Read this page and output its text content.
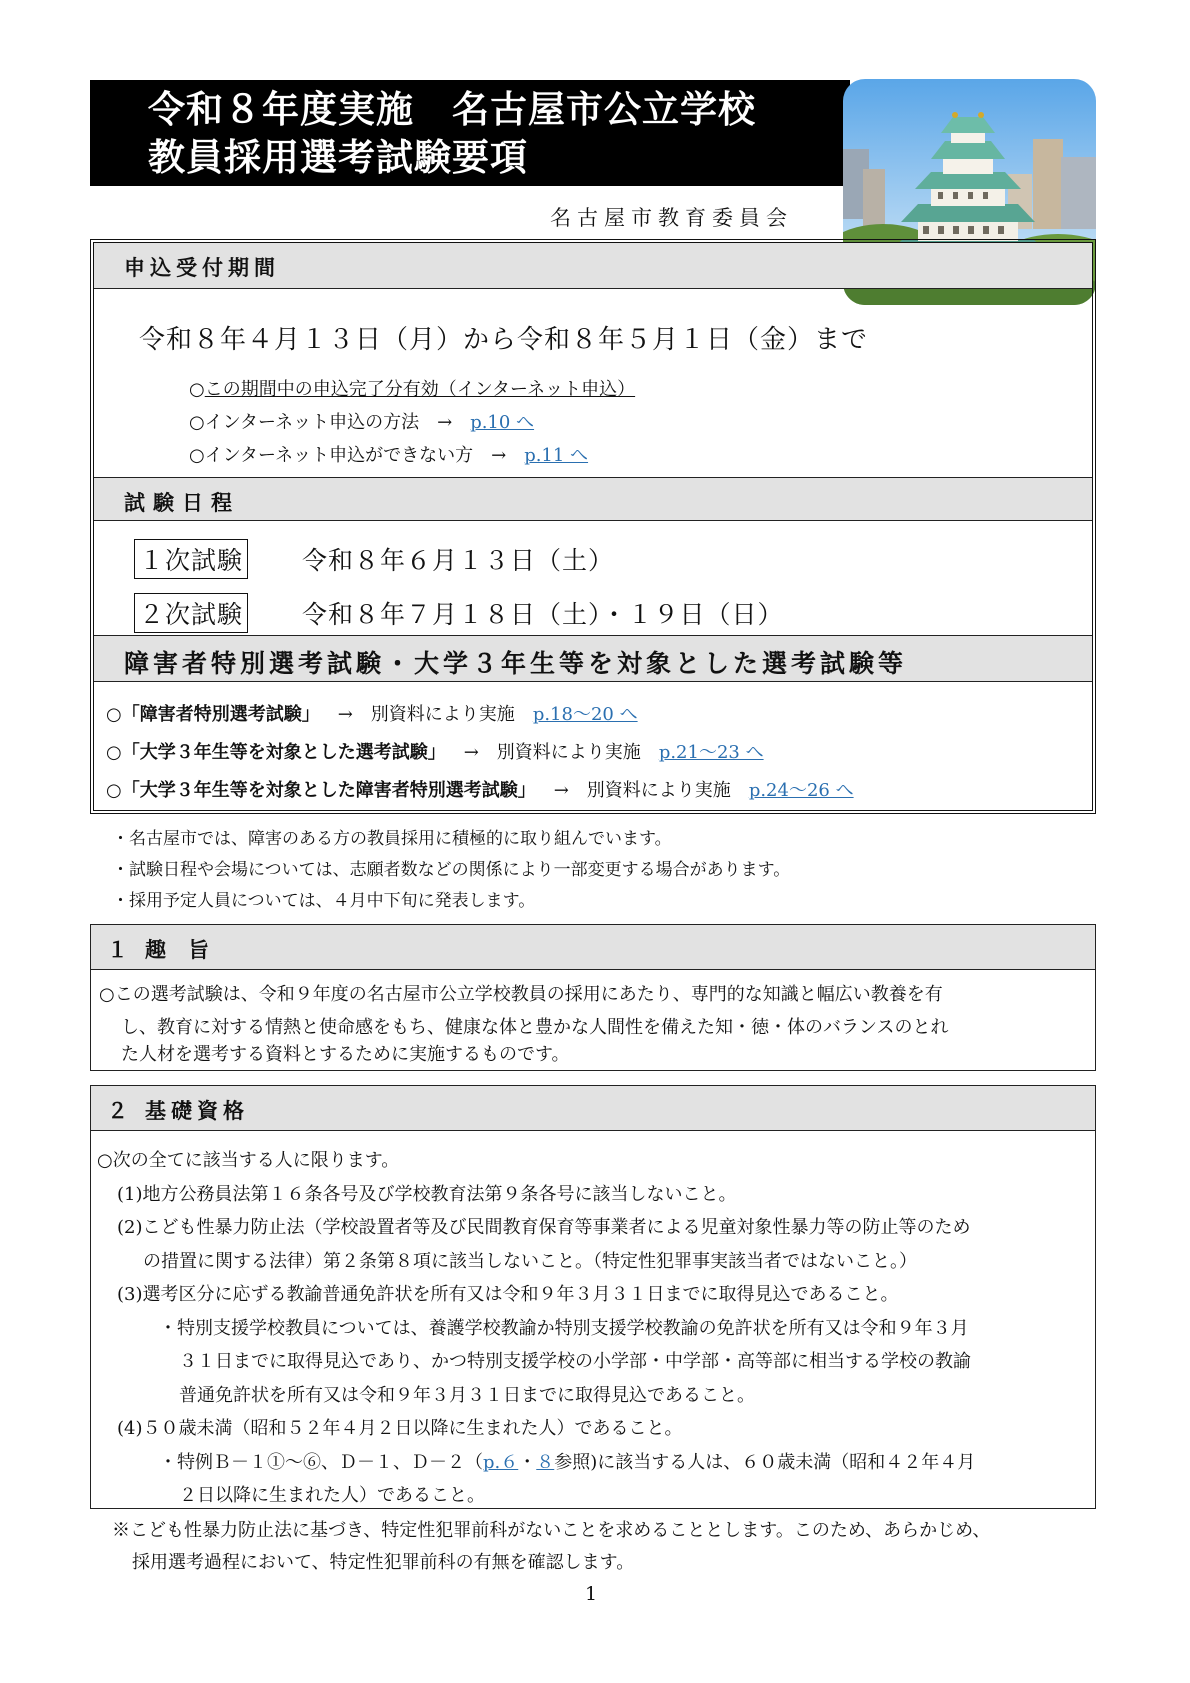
令和８年度実施　名古屋市公立学校
教員採用選考試験要項
名古屋市教育委員会
申込受付期間
令和８年４月１３日（月）から令和８年５月１日（金）まで
○この期間中の申込完了分有効（インターネット申込）
○インターネット申込の方法　→　p.10 へ
○インターネット申込ができない方　→　p.11 へ
試験日程
１次試験 令和８年６月１３日（土）
２次試験 令和８年７月１８日（土）・１９日（日）
障害者特別選考試験・大学３年生等を対象とした選考試験等
○「障害者特別選考試験」 →　別資料により実施 p.18～20 へ
○「大学３年生等を対象とした選考試験」 →　別資料により実施 p.21～23 へ
○「大学３年生等を対象とした障害者特別選考試験」 →　別資料により実施 p.24～26 へ
・名古屋市では、障害のある方の教員採用に積極的に取り組んでいます。
・試験日程や会場については、志願者数などの関係により一部変更する場合があります。
・採用予定人員については、４月中下旬に発表します。
１ 趣旨
○この選考試験は、令和９年度の名古屋市公立学校教員の採用にあたり、専門的な知識と幅広い教養を有
し、教育に対する情熱と使命感をもち、健康な体と豊かな人間性を備えた知・徳・体のバランスのとれ
た人材を選考する資料とするために実施するものです。
２ 基礎資格
○次の全てに該当する人に限ります。
(1)地方公務員法第１６条各号及び学校教育法第９条各号に該当しないこと。
(2)こども性暴力防止法（学校設置者等及び民間教育保育等事業者による児童対象性暴力等の防止等のため
の措置に関する法律）第２条第８項に該当しないこと。（特定性犯罪事実該当者ではないこと。）
(3)選考区分に応ずる教諭普通免許状を所有又は令和９年３月３１日までに取得見込であること。
・特別支援学校教員については、養護学校教諭か特別支援学校教諭の免許状を所有又は令和９年３月
３１日までに取得見込であり、かつ特別支援学校の小学部・中学部・高等部に相当する学校の教諭
普通免許状を所有又は令和９年３月３１日までに取得見込であること。
(4)５０歳未満（昭和５２年４月２日以降に生まれた人）であること。
・特例Ｂ－１①～⑥、Ｄ－１、Ｄ－２（p.６・８参照)に該当する人は、６０歳未満（昭和４２年４月
２日以降に生まれた人）であること。
※こども性暴力防止法に基づき、特定性犯罪前科がないことを求めることとします。このため、あらかじめ、
採用選考過程において、特定性犯罪前科の有無を確認します。
1
